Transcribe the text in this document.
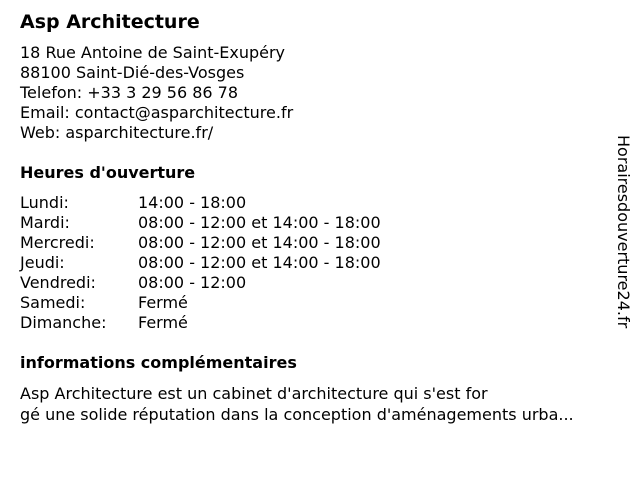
Asp Architecture
18 Rue Antoine de Saint-Exupéry
88100 Saint-Dié-des-Vosges
Telefon: +33 3 29 56 86 78
Email: contact@asparchitecture.fr
Web: asparchitecture.fr/
Heures d'ouverture
Lundi:	14:00 - 18:00
Mardi:	08:00 - 12:00 et 14:00 - 18:00
Mercredi:	08:00 - 12:00 et 14:00 - 18:00
Jeudi:	08:00 - 12:00 et 14:00 - 18:00
Vendredi:	08:00 - 12:00
Samedi:	Fermé
Dimanche:	Fermé
informations complémentaires
Asp Architecture est un cabinet d'architecture qui s'est for
gé une solide réputation dans la conception d'aménagements urba...
Horairesdouverture24.fr
